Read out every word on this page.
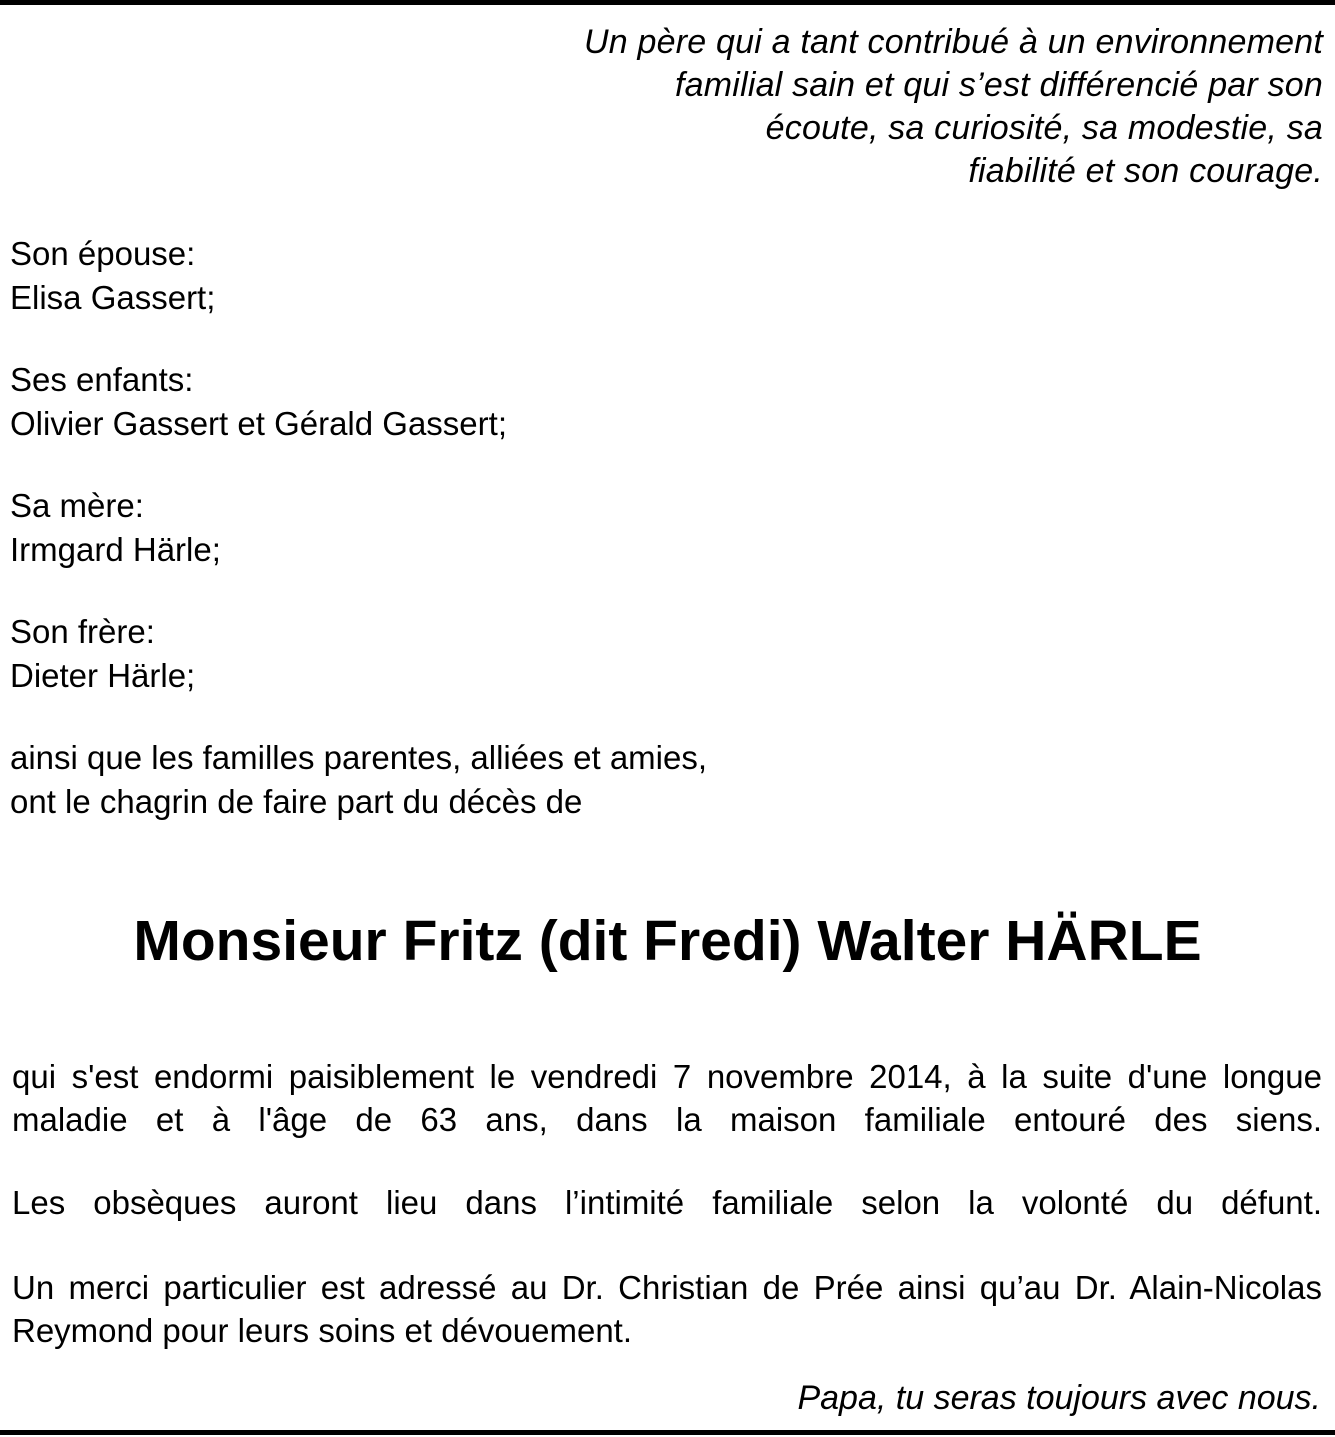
Un père qui a tant contribué à un environnement
familial sain et qui s’est différencié par son
écoute, sa curiosité, sa modestie, sa
fiabilité et son courage.
Son épouse:
Elisa Gassert;
Ses enfants:
Olivier Gassert et Gérald Gassert;
Sa mère:
Irmgard Härle;
Son frère:
Dieter Härle;
ainsi que les familles parentes, alliées et amies,
ont le chagrin de faire part du décès de
Monsieur Fritz (dit Fredi) Walter HÄRLE
qui s'est endormi paisiblement le vendredi 7 novembre 2014, à la suite d'une longue
maladie et à l'âge de 63 ans, dans la maison familiale entouré des siens.
Les obsèques auront lieu dans l’intimité familiale selon la volonté du défunt.
Un merci particulier est adressé au Dr. Christian de Prée ainsi qu’au Dr. Alain-Nicolas
Reymond pour leurs soins et dévouement.
Papa, tu seras toujours avec nous.
